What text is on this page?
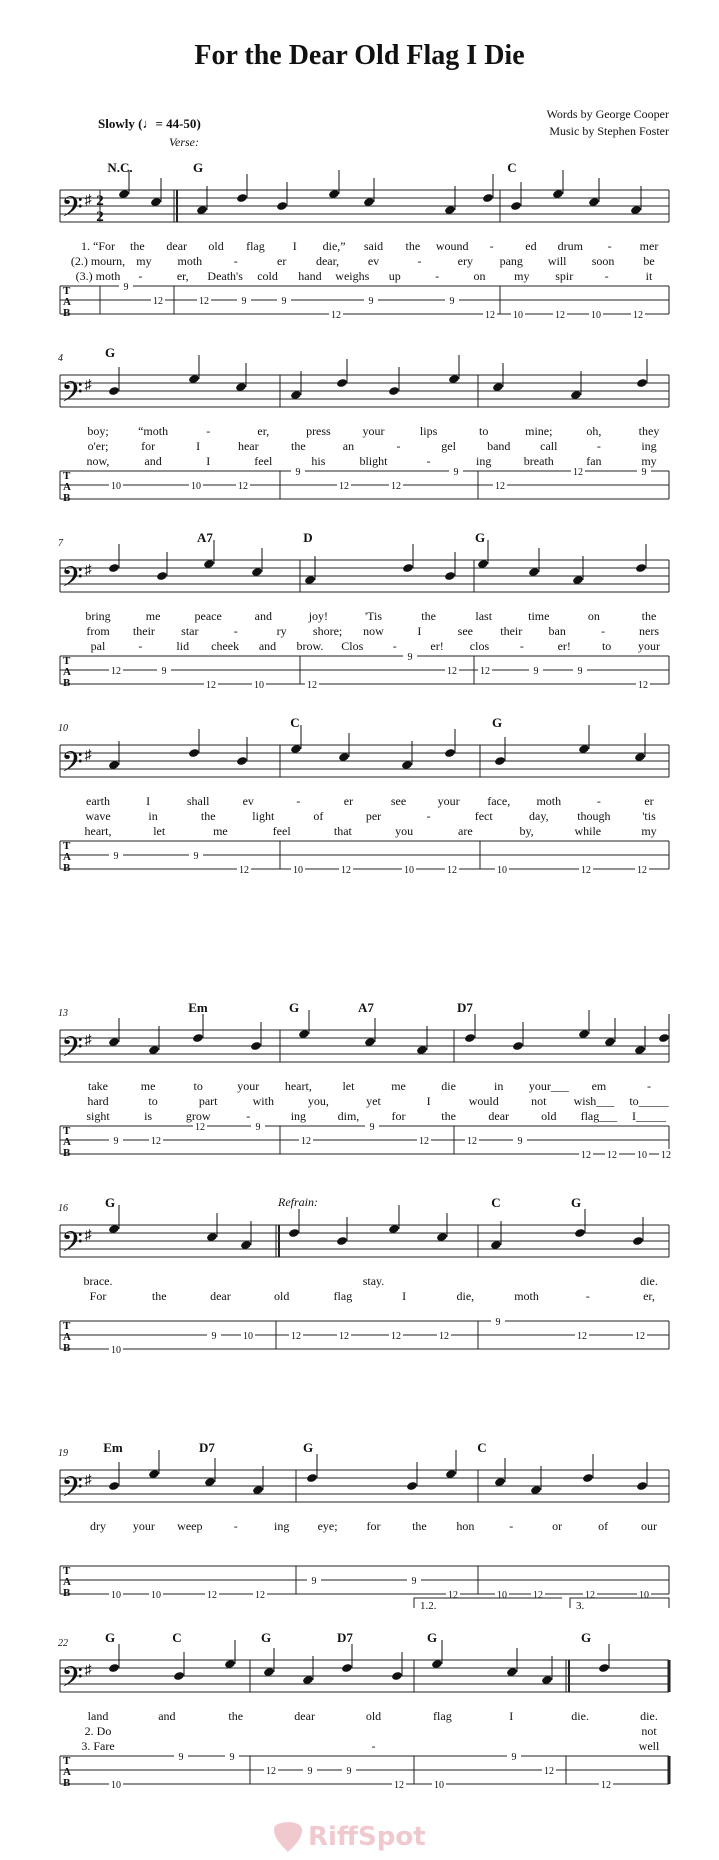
For the Dear Old Flag I Die
Words by George Cooper
Music by Stephen Foster
Slowly (♩= 44-50)
𝄢 ♯ 2
2
N.C.	G	C
1. “For the dear old flag I die,” said the wound -	ed drum - mer
(2.) mourn, my moth	-	er dear, ev	-	ery pang will soon be
(3.) moth -	er, Death's cold hand weighs up	-	on my spir	-	it
T
A
B
9
12	12	9	9
12
9	9
12 10	12	10	12
𝄢 ♯
4	G
boy; “moth	-	er,	press	your	lips	to	mine;	oh,	they
o'er;	for	I	hear	the	an	-	gel	band call	-	ing
now,	and	I	feel	his	blight	-	ing	breath	fan	my
T
A
B
10	10	12
9
12	12
9
12
12	9
𝄢 ♯
7	A7	D	G
bring	me	peace	and	joy!	'Tis	the	last	time	on	the
from their star	-	ry shore; now	I	see their ban	-	ners
pal	-	lid cheek and brow. Clos -	er! clos	-	er!	to your
T
A
B
12	9
12	10	12
9
12 12	9	9
12
𝄢 ♯
10	C	G
earth	I	shall	ev	-	er	see	your face, moth	-	er
wave	in	the	light	of	per	-	fect	day, though	'tis
heart,	let	me	feel	that	you	are	by,	while	my
T
A
B
9	9
12	10	12	10	12	10	12	12
𝄢 ♯
13	Em	G	A7	D7
take	me	to	your heart,	let	me	die	in your___ em	-
hard	to	part	with	you,	yet	I	would	not wish___ to_____
sight	is	grow	-	ing	dim,	for	the	dear	old flag___ I_____
T
A
B
9	12
12	9
12
9
12	12	9
12 12 10 12
𝄢 ♯
16	G	C	G
brace.	stay.	die.
For	the	dear	old	flag	I	die,	moth	-	er,
T
A
B	10
9	10	12	12	12	12
9
12	12
𝄢 ♯
19	Em	D7	G	C
dry your weep	-	ing eye; for	the hon	-	or	of	our
T
A
B	10	10	12	12
9	9
12	10	12	12	10
𝄢 ♯
22	G	C	G	D7	G	G
land	and	the	dear	old	flag	I	die.	die.
2. Do	not
3. Fare	-	well
T
A
B	10
9	9
12	9	9
12	10
9
12
12
1.2.	3.
Verse:
Refrain:
RiffSpot
